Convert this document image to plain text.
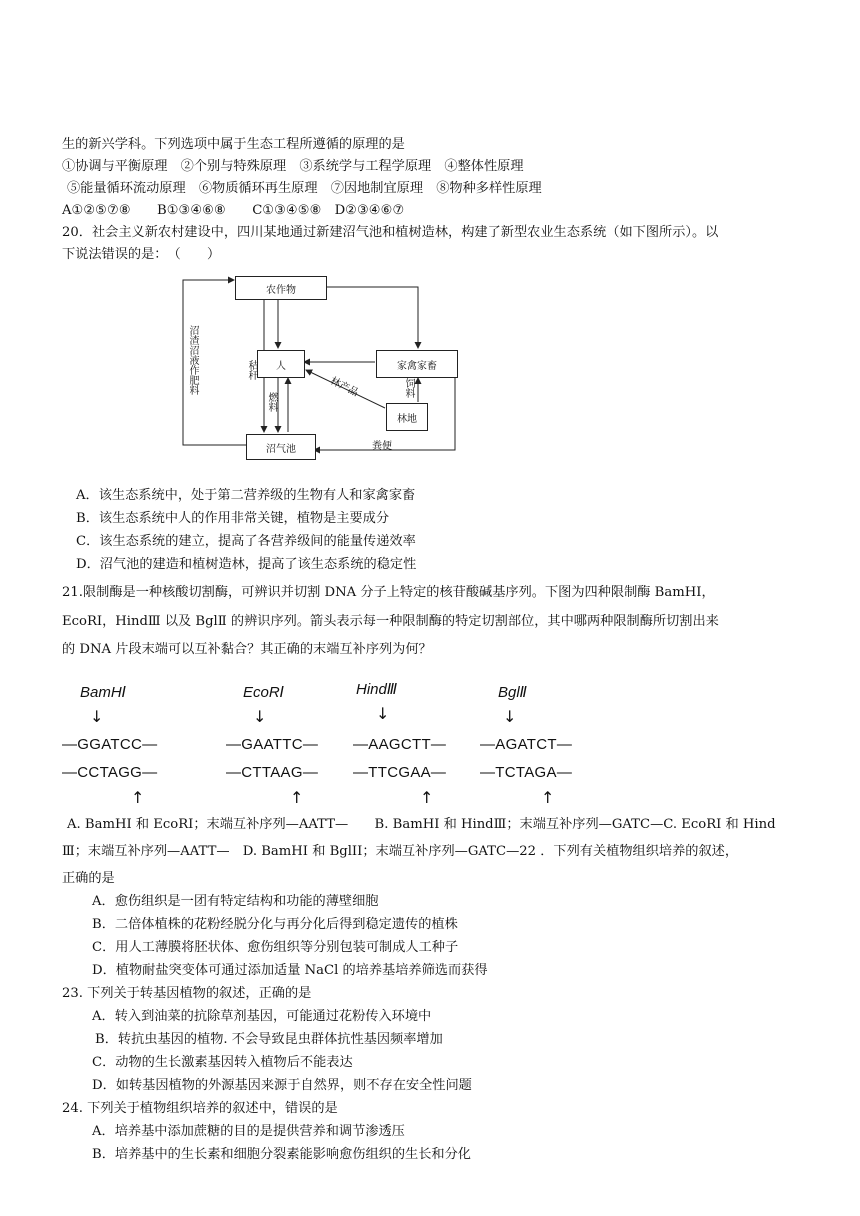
生的新兴学科。下列选项中属于生态工程所遵循的原理的是
①协调与平衡原理　②个别与特殊原理　③系统学与工程学原理　④整体性原理
⑤能量循环流动原理　⑥物质循环再生原理　⑦因地制宜原理　⑧物种多样性原理
A①②⑤⑦⑧　　B①③④⑥⑧　　C①③④⑤⑧　D②③④⑥⑦
20．社会主义新农村建设中，四川某地通过新建沼气池和植树造林，构建了新型农业生态系统（如下图所示）。以
下说法错误的是：　（　　）
农作物
人	家禽家畜
林地
沼气池
沼渣沼液作肥料	秸秆
燃料
林产品	饲料
粪便
A．该生态系统中，处于第二营养级的生物有人和家禽家畜
B．该生态系统中人的作用非常关键，植物是主要成分
C．该生态系统的建立，提高了各营养级间的能量传递效率
D．沼气池的建造和植树造林，提高了该生态系统的稳定性
21.限制酶是一种核酸切割酶，可辨识并切割 DNA 分子上特定的核苷酸碱基序列。下图为四种限制酶 BamHⅠ，
EcoRⅠ，HindⅢ 以及 BglⅡ 的辨识序列。箭头表示每一种限制酶的特定切割部位，其中哪两种限制酶所切割出来
的 DNA 片段末端可以互补黏合？其正确的末端互补序列为何？
BamHⅠ	EcoRⅠ	HindⅢ	BglⅡ
↓	↓	↓	↓
—GGATCC—	—GAATTC— —AAGCTT— —AGATCT—
—CCTAGG—	—CTTAAG— —TTCGAA— —TCTAGA—
↑	↑	↑	↑
A. BamHⅠ 和 EcoRⅠ；末端互补序列—AATT—　　B. BamHⅠ 和 HindⅢ；末端互补序列—GATC—C. EcoRⅠ 和 Hind
Ⅲ；末端互补序列—AATT—　D. BamHI 和 BglII；末端互补序列—GATC—22 ．下列有关植物组织培养的叙述，
正确的是
A．愈伤组织是一团有特定结构和功能的薄壁细胞
B．二倍体植株的花粉经脱分化与再分化后得到稳定遗传的植株
C．用人工薄膜将胚状体、愈伤组织等分别包装可制成人工种子
D．植物耐盐突变体可通过添加适量 NaCl 的培养基培养筛选而获得
23. 下列关于转基因植物的叙述，正确的是
A．转入到油菜的抗除草剂基因，可能通过花粉传入环境中
B．转抗虫基因的植物. 不会导致昆虫群体抗性基因频率增加
C．动物的生长激素基因转入植物后不能表达
D．如转基因植物的外源基因来源于自然界，则不存在安全性问题
24. 下列关于植物组织培养的叙述中，错误的是
A．培养基中添加蔗糖的目的是提供营养和调节渗透压
B．培养基中的生长素和细胞分裂素能影响愈伤组织的生长和分化
